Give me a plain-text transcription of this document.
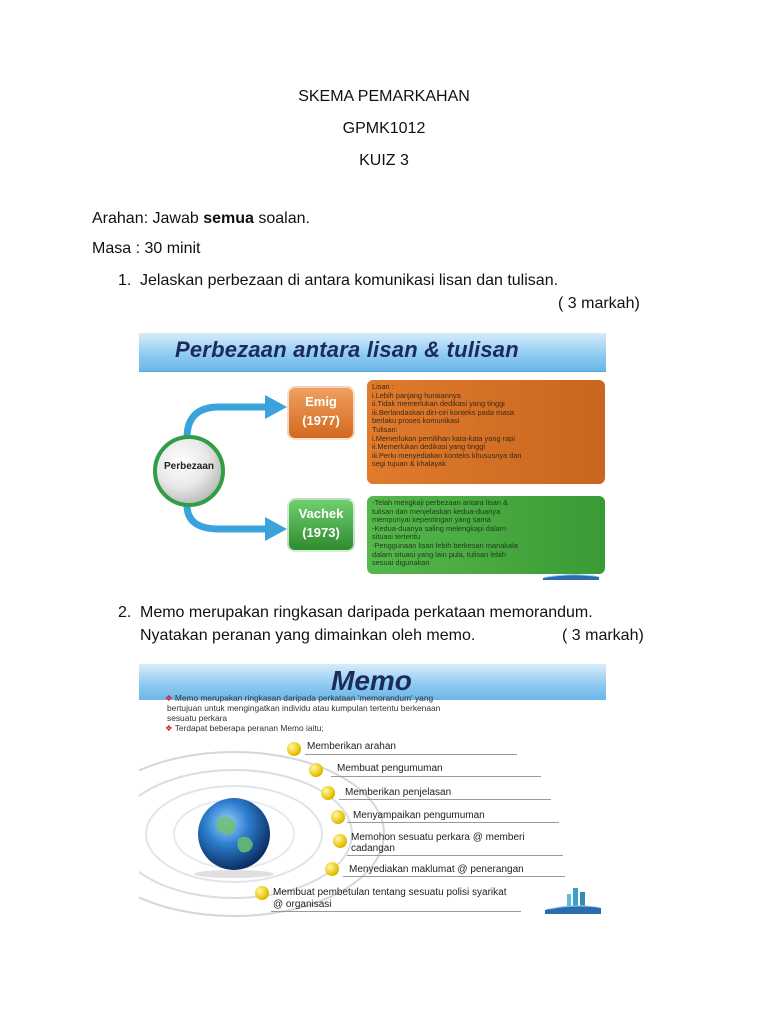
SKEMA PEMARKAHAN
GPMK1012
KUIZ 3
Arahan: Jawab semua soalan.
Masa : 30 minit
1. Jelaskan perbezaan di antara komunikasi lisan dan tulisan.
( 3 markah)
Perbezaan antara lisan & tulisan
Perbezaan
Emig
(1977)
Vachek
(1973)
Lisan :
i.Lebih panjang huraiannya
ii.Tidak memerlukan dedikasi yang tinggi
iii.Berlandaskan diri-ciri konteks pada masa
berlaku proses komunikasi
Tulisan:
i.Memerlukan pemilihan kata-kata yang rapi
ii.Memerlukan dedikasi yang tinggi
iii.Perlu menyediakan konteks khususnya dan
segi tujuan & khalayak
-Telah mengkaji perbezaan antara lisan &
tulisan dan menjelaskan kedua-duanya
mempunyai kepentingan yang sama
-Kedua-duanya saling melengkapi dalam
situasi tertentu
-Penggunaan lisan lebih berkesan manakala
dalam situasi yang lain pula, tulisan lebih
sesuai digunakan
2. Memo merupakan ringkasan daripada perkataan memorandum.
Nyatakan peranan yang dimainkan oleh memo.	( 3 markah)
Memo
❖ Memo merupakan ringkasan daripada perkataan 'memorandum' yang
bertujuan untuk mengingatkan individu atau kumpulan tertentu berkenaan
sesuatu perkara
❖ Terdapat beberapa peranan Memo iaitu;
Memberikan arahan
Membuat pengumuman
Memberikan penjelasan
Menyampaikan pengumuman
Memohon sesuatu perkara @ memberi
cadangan
Menyediakan maklumat @ penerangan
Membuat pembetulan tentang sesuatu polisi syarikat
@ organisasi
